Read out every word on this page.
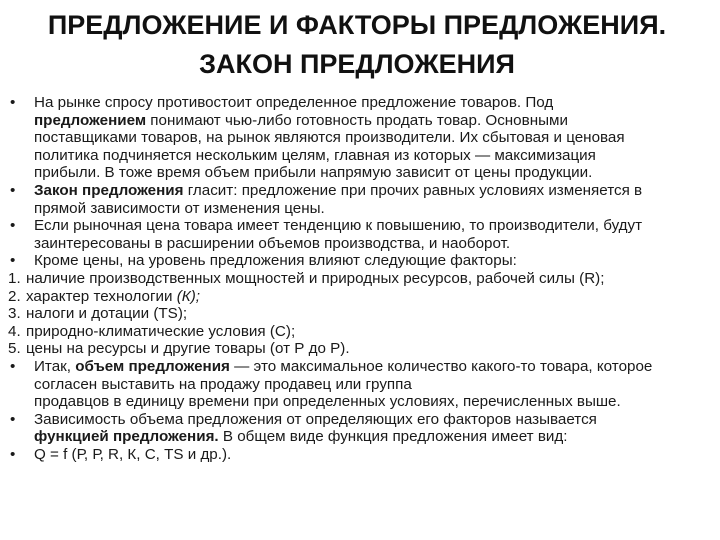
ПРЕДЛОЖЕНИЕ И ФАКТОРЫ ПРЕДЛОЖЕНИЯ.
ЗАКОН ПРЕДЛОЖЕНИЯ
•	На рынке спросу противостоит определенное предложение товаров. Под
предложением понимают чью-либо готовность продать товар. Основными
поставщиками товаров, на рынок являются производители. Их сбытовая и ценовая
политика подчиняется нескольким целям, главная из которых — максимизация
прибыли. В тоже время объем прибыли напрямую зависит от цены продукции.
•	Закон предложения гласит: предложение при прочих равных условиях изменяется в
прямой зависимости от изменения цены.
•	Если рыночная цена товара имеет тенденцию к повышению, то производители, будут
заинтересованы в расширении объемов производства, и наоборот.
•	Кроме цены, на уровень предложения влияют следующие факторы:
1. наличие производственных мощностей и природных ресурсов, рабочей силы (R);
2. характер технологии (К);
3. налоги и дотации (TS);
4. природно-климатические условия (С);
5. цены на ресурсы и другие товары (от Р до Р).
•	Итак, объем предложения — это максимальное количество какого-то товара, которое
согласен выставить на продажу продавец или группа
продавцов в единицу времени при определенных условиях, перечисленных выше.
•	Зависимость объема предложения от определяющих его факторов называется
функцией предложения. В общем виде функция предложения имеет вид:
•	Q = f (Р, Р, R, К, С, TS и др.).
